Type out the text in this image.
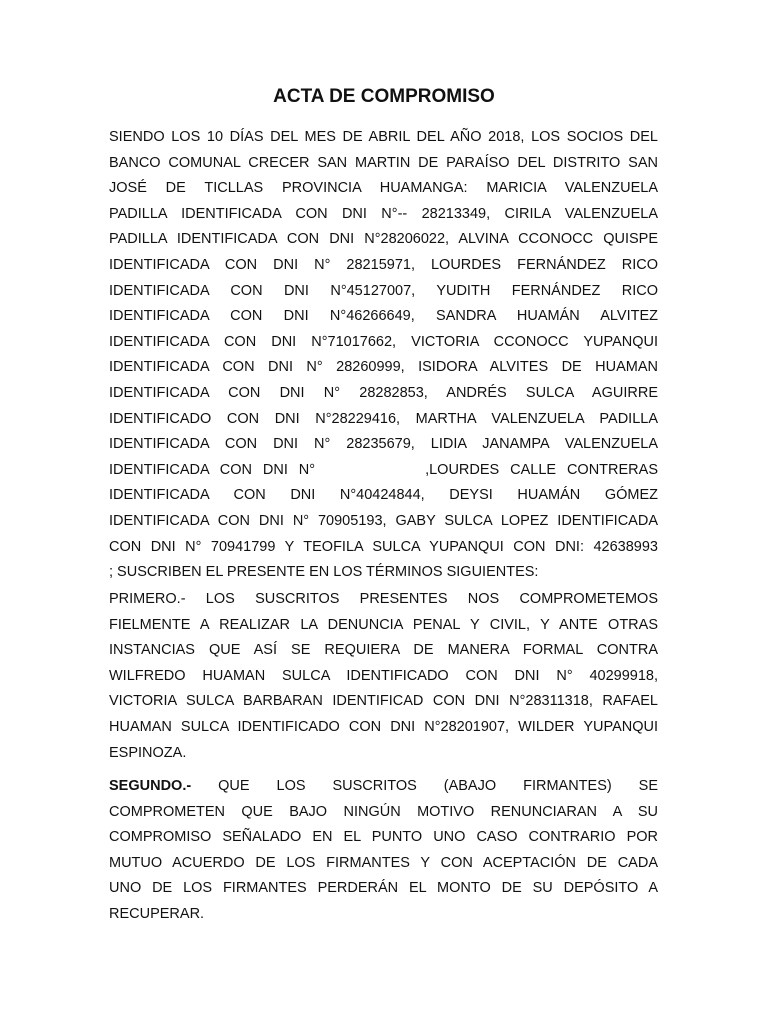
ACTA DE COMPROMISO
SIENDO LOS 10 DÍAS DEL MES DE ABRIL DEL AÑO 2018, LOS SOCIOS DEL
BANCO COMUNAL CRECER SAN MARTIN DE PARAÍSO DEL DISTRITO SAN
JOSÉ DE TICLLAS PROVINCIA HUAMANGA: MARICIA VALENZUELA
PADILLA IDENTIFICADA CON DNI N°-- 28213349, CIRILA VALENZUELA
PADILLA IDENTIFICADA CON DNI N°28206022, ALVINA CCONOCC QUISPE
IDENTIFICADA CON DNI N° 28215971, LOURDES FERNÁNDEZ RICO
IDENTIFICADA CON DNI N°45127007, YUDITH FERNÁNDEZ RICO
IDENTIFICADA CON DNI N°46266649, SANDRA HUAMÁN ALVITEZ
IDENTIFICADA CON DNI N°71017662, VICTORIA CCONOCC YUPANQUI
IDENTIFICADA CON DNI N° 28260999, ISIDORA ALVITES DE HUAMAN
IDENTIFICADA CON DNI N° 28282853, ANDRÉS SULCA AGUIRRE
IDENTIFICADO CON DNI N°28229416, MARTHA VALENZUELA PADILLA
IDENTIFICADA CON DNI N° 28235679, LIDIA JANAMPA VALENZUELA
IDENTIFICADA CON DNI N°	,LOURDES CALLE CONTRERAS
IDENTIFICADA CON DNI N°40424844, DEYSI HUAMÁN GÓMEZ
IDENTIFICADA CON DNI N° 70905193, GABY SULCA LOPEZ IDENTIFICADA
CON DNI N° 70941799 Y TEOFILA SULCA YUPANQUI CON DNI: 42638993
; SUSCRIBEN EL PRESENTE EN LOS TÉRMINOS SIGUIENTES:
PRIMERO.- LOS SUSCRITOS PRESENTES NOS COMPROMETEMOS
FIELMENTE A REALIZAR LA DENUNCIA PENAL Y CIVIL, Y ANTE OTRAS
INSTANCIAS QUE ASÍ SE REQUIERA DE MANERA FORMAL CONTRA
WILFREDO HUAMAN SULCA IDENTIFICADO CON DNI N° 40299918,
VICTORIA SULCA BARBARAN IDENTIFICAD CON DNI N°28311318, RAFAEL
HUAMAN SULCA IDENTIFICADO CON DNI N°28201907, WILDER YUPANQUI
ESPINOZA.
SEGUNDO.- QUE LOS SUSCRITOS (ABAJO FIRMANTES) SE
COMPROMETEN QUE BAJO NINGÚN MOTIVO RENUNCIARAN A SU
COMPROMISO SEÑALADO EN EL PUNTO UNO CASO CONTRARIO POR
MUTUO ACUERDO DE LOS FIRMANTES Y CON ACEPTACIÓN DE CADA
UNO DE LOS FIRMANTES PERDERÁN EL MONTO DE SU DEPÓSITO A
RECUPERAR.
